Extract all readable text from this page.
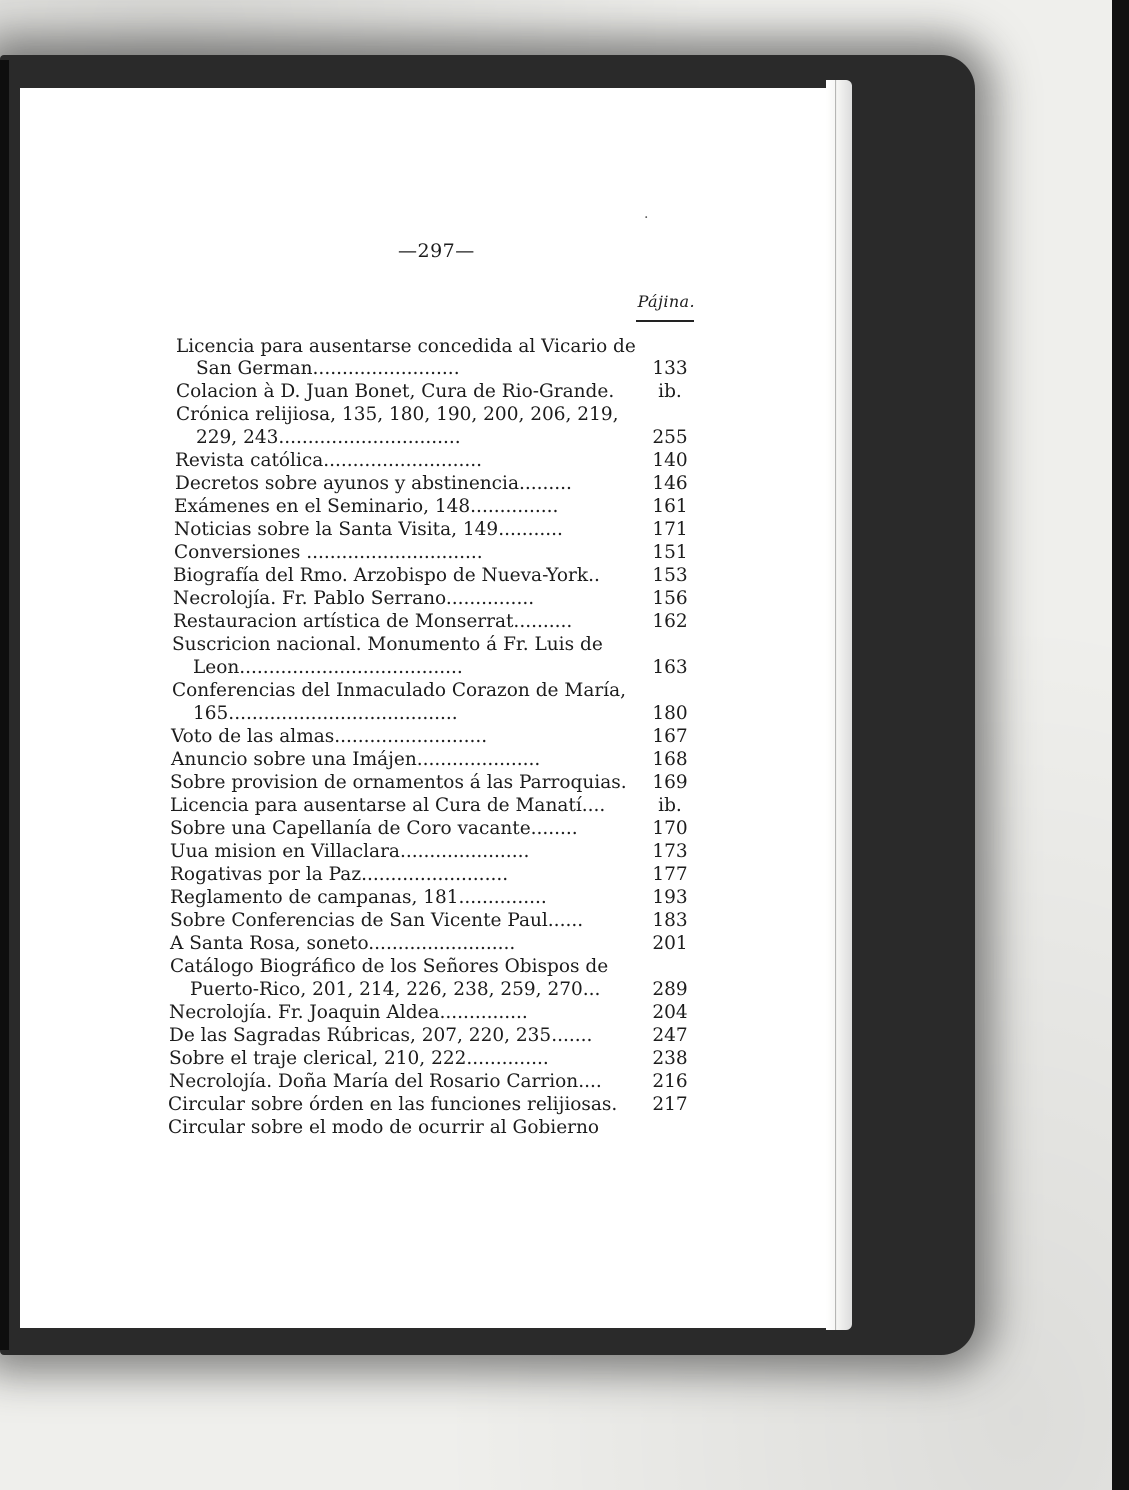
—297—
Pájina.
·
Licencia para ausentarse concedida al Vicario de
San German.........................	133
Colacion à D. Juan Bonet, Cura de Rio-Grande.	ib.
Crónica relijiosa, 135, 180, 190, 200, 206, 219,
229, 243...............................	255
Revista católica...........................	140
Decretos sobre ayunos y abstinencia.........	146
Exámenes en el Seminario, 148...............	161
Noticias sobre la Santa Visita, 149...........	171
Conversiones ..............................	151
Biografía del Rmo. Arzobispo de Nueva-York..	153
Necrolojía. Fr. Pablo Serrano...............	156
Restauracion artística de Monserrat..........	162
Suscricion nacional. Monumento á Fr. Luis de
Leon......................................	163
Conferencias del Inmaculado Corazon de María,
165.......................................	180
Voto de las almas..........................	167
Anuncio sobre una Imájen.....................	168
Sobre provision de ornamentos á las Parroquias.	169
Licencia para ausentarse al Cura de Manatí....	ib.
Sobre una Capellanía de Coro vacante........	170
Uua mision en Villaclara......................	173
Rogativas por la Paz.........................	177
Reglamento de campanas, 181...............	193
Sobre Conferencias de San Vicente Paul......	183
A Santa Rosa, soneto.........................	201
Catálogo Biográfico de los Señores Obispos de
Puerto-Rico, 201, 214, 226, 238, 259, 270...	289
Necrolojía. Fr. Joaquin Aldea...............	204
De las Sagradas Rúbricas, 207, 220, 235.......	247
Sobre el traje clerical, 210, 222..............	238
Necrolojía. Doña María del Rosario Carrion....	216
Circular sobre órden en las funciones relijiosas.	217
Circular sobre el modo de ocurrir al Gobierno
